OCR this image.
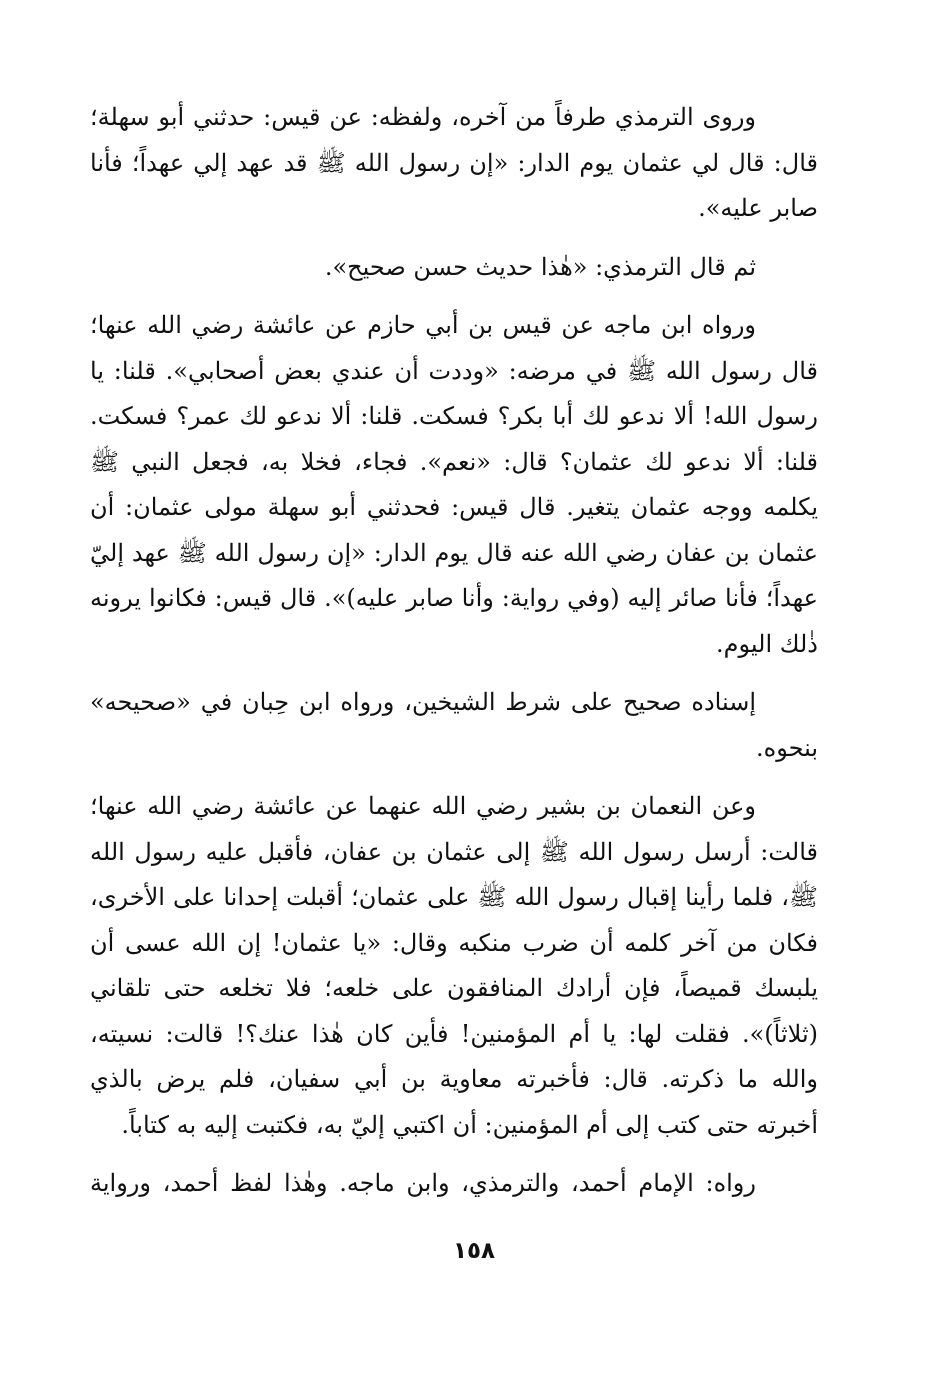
وروى الترمذي طرفاً من آخره، ولفظه: عن قيس: حدثني أبو سهلة؛ قال: قال لي عثمان يوم الدار: «إن رسول الله ﷺ قد عهد إلي عهداً؛ فأنا صابر عليه».

ثم قال الترمذي: «هٰذا حديث حسن صحيح».

ورواه ابن ماجه عن قيس بن أبي حازم عن عائشة رضي الله عنها؛ قال رسول الله ﷺ في مرضه: «وددت أن عندي بعض أصحابي». قلنا: يا رسول الله! ألا ندعو لك أبا بكر؟ فسكت. قلنا: ألا ندعو لك عمر؟ فسكت. قلنا: ألا ندعو لك عثمان؟ قال: «نعم». فجاء، فخلا به، فجعل النبي ﷺ يكلمه ووجه عثمان يتغير. قال قيس: فحدثني أبو سهلة مولى عثمان: أن عثمان بن عفان رضي الله عنه قال يوم الدار: «إن رسول الله ﷺ عهد إليّ عهداً؛ فأنا صائر إليه (وفي رواية: وأنا صابر عليه)». قال قيس: فكانوا يرونه ذٰلك اليوم.

إسناده صحيح على شرط الشيخين، ورواه ابن حِبان في «صحيحه» بنحوه.

وعن النعمان بن بشير رضي الله عنهما عن عائشة رضي الله عنها؛ قالت: أرسل رسول الله ﷺ إلى عثمان بن عفان، فأقبل عليه رسول الله ﷺ، فلما رأينا إقبال رسول الله ﷺ على عثمان؛ أقبلت إحدانا على الأخرى، فكان من آخر كلمه أن ضرب منكبه وقال: «يا عثمان! إن الله عسى أن يلبسك قميصاً، فإن أرادك المنافقون على خلعه؛ فلا تخلعه حتى تلقاني (ثلاثاً)». فقلت لها: يا أم المؤمنين! فأين كان هٰذا عنك؟! قالت: نسيته، والله ما ذكرته. قال: فأخبرته معاوية بن أبي سفيان، فلم يرض بالذي أخبرته حتى كتب إلى أم المؤمنين: أن اكتبي إليّ به، فكتبت إليه به كتاباً.

رواه: الإمام أحمد، والترمذي، وابن ماجه. وهٰذا لفظ أحمد، ورواية

١٥٨
